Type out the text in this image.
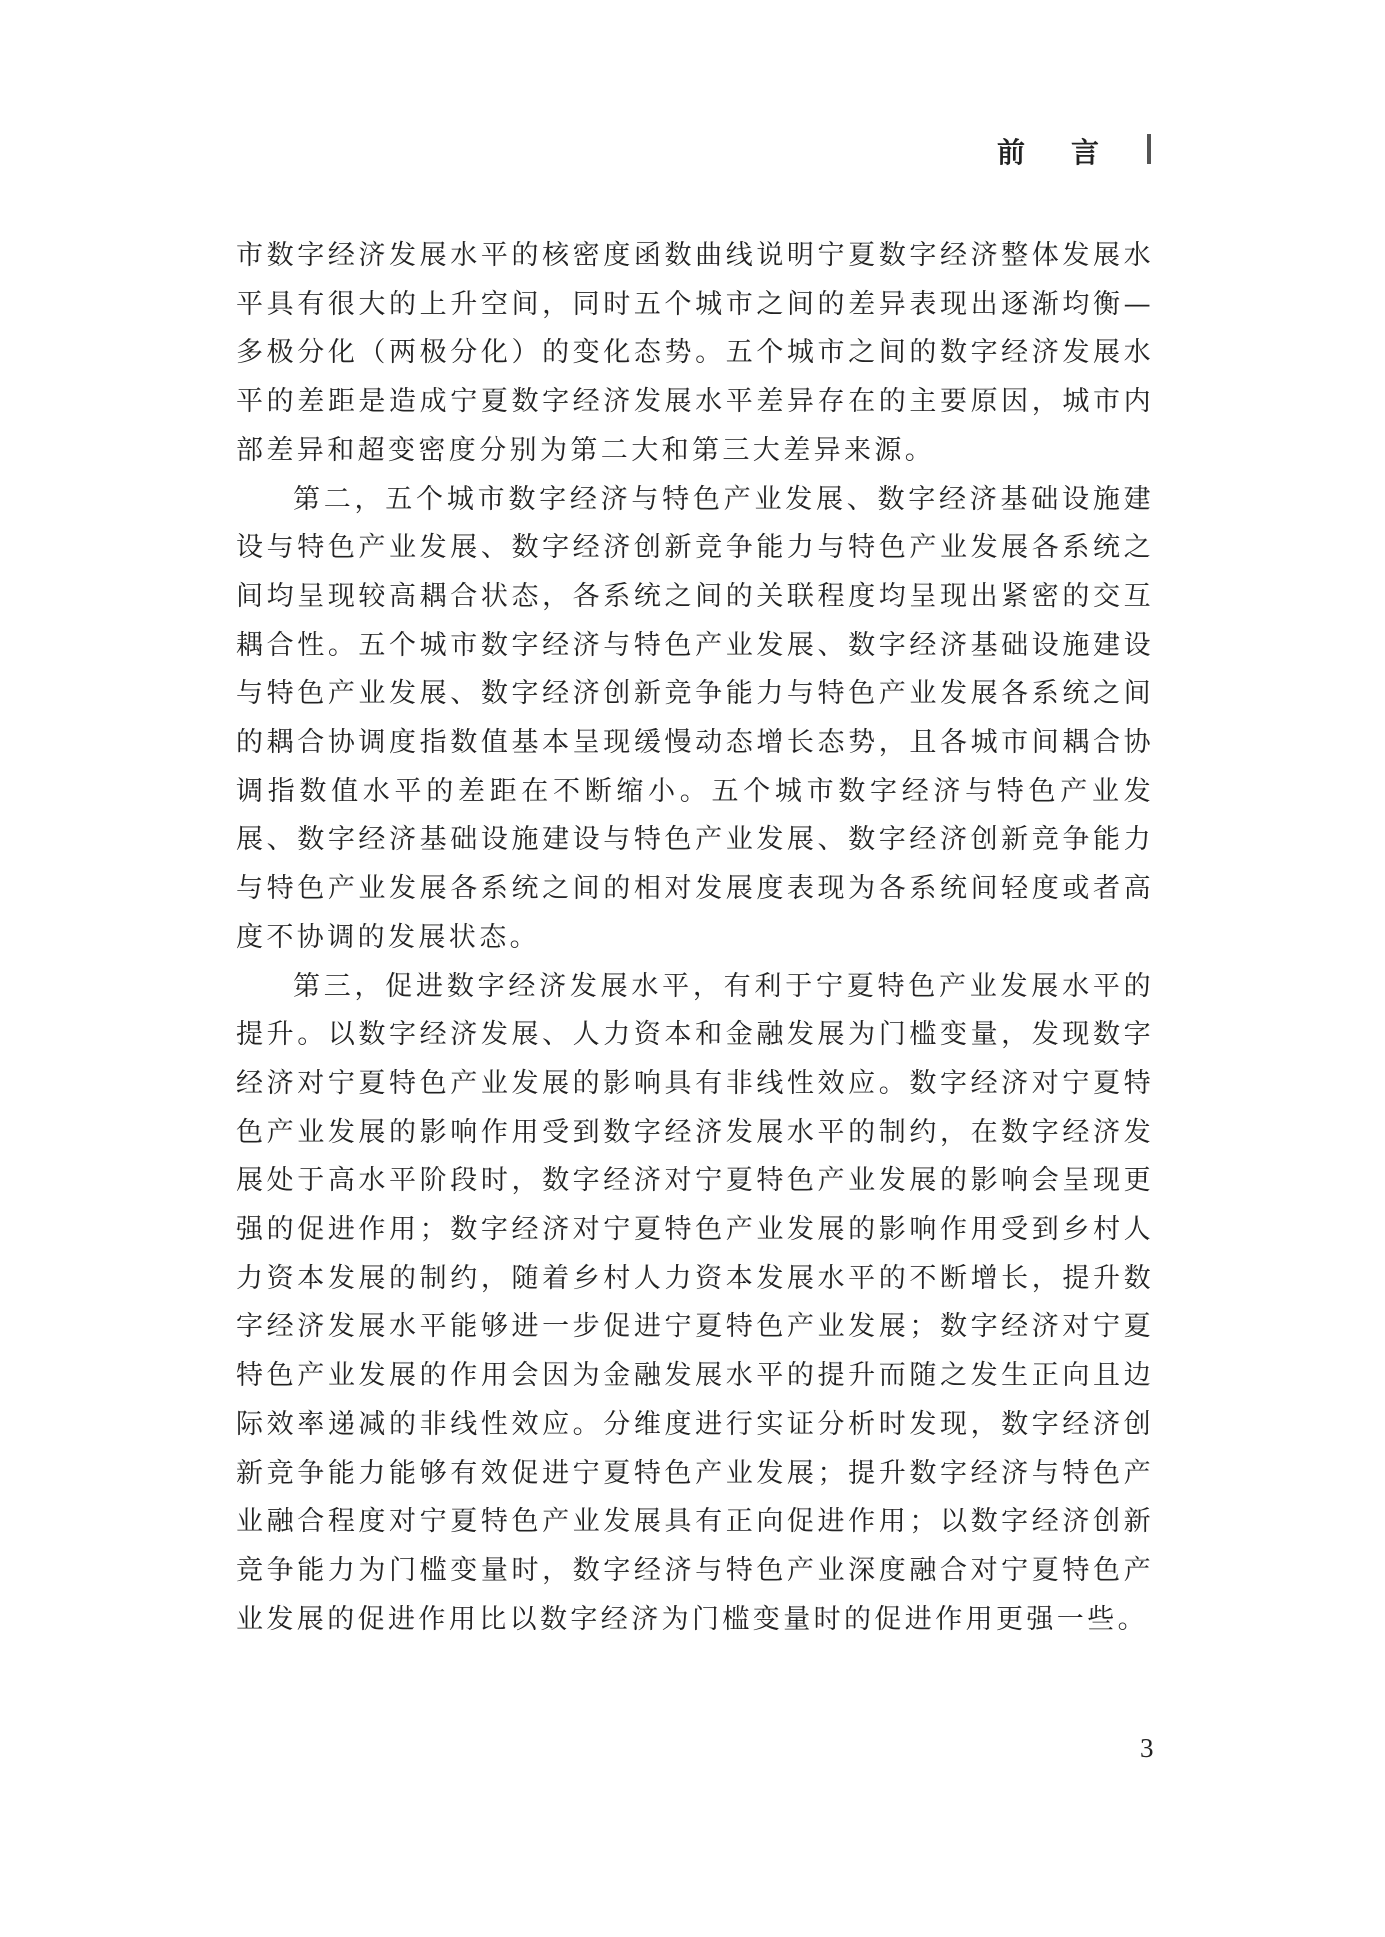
前言

市数字经济发展水平的核密度函数曲线说明宁夏数字经济整体发展水平具有很大的上升空间，同时五个城市之间的差异表现出逐渐均衡—多极分化（两极分化）的变化态势。五个城市之间的数字经济发展水平的差距是造成宁夏数字经济发展水平差异存在的主要原因，城市内部差异和超变密度分别为第二大和第三大差异来源。

第二，五个城市数字经济与特色产业发展、数字经济基础设施建设与特色产业发展、数字经济创新竞争能力与特色产业发展各系统之间均呈现较高耦合状态，各系统之间的关联程度均呈现出紧密的交互耦合性。五个城市数字经济与特色产业发展、数字经济基础设施建设与特色产业发展、数字经济创新竞争能力与特色产业发展各系统之间的耦合协调度指数值基本呈现缓慢动态增长态势，且各城市间耦合协调指数值水平的差距在不断缩小。五个城市数字经济与特色产业发展、数字经济基础设施建设与特色产业发展、数字经济创新竞争能力与特色产业发展各系统之间的相对发展度表现为各系统间轻度或者高度不协调的发展状态。

第三，促进数字经济发展水平，有利于宁夏特色产业发展水平的提升。以数字经济发展、人力资本和金融发展为门槛变量，发现数字经济对宁夏特色产业发展的影响具有非线性效应。数字经济对宁夏特色产业发展的影响作用受到数字经济发展水平的制约，在数字经济发展处于高水平阶段时，数字经济对宁夏特色产业发展的影响会呈现更强的促进作用；数字经济对宁夏特色产业发展的影响作用受到乡村人力资本发展的制约，随着乡村人力资本发展水平的不断增长，提升数字经济发展水平能够进一步促进宁夏特色产业发展；数字经济对宁夏特色产业发展的作用会因为金融发展水平的提升而随之发生正向且边际效率递减的非线性效应。分维度进行实证分析时发现，数字经济创新竞争能力能够有效促进宁夏特色产业发展；提升数字经济与特色产业融合程度对宁夏特色产业发展具有正向促进作用；以数字经济创新竞争能力为门槛变量时，数字经济与特色产业深度融合对宁夏特色产业发展的促进作用比以数字经济为门槛变量时的促进作用更强一些。

3
